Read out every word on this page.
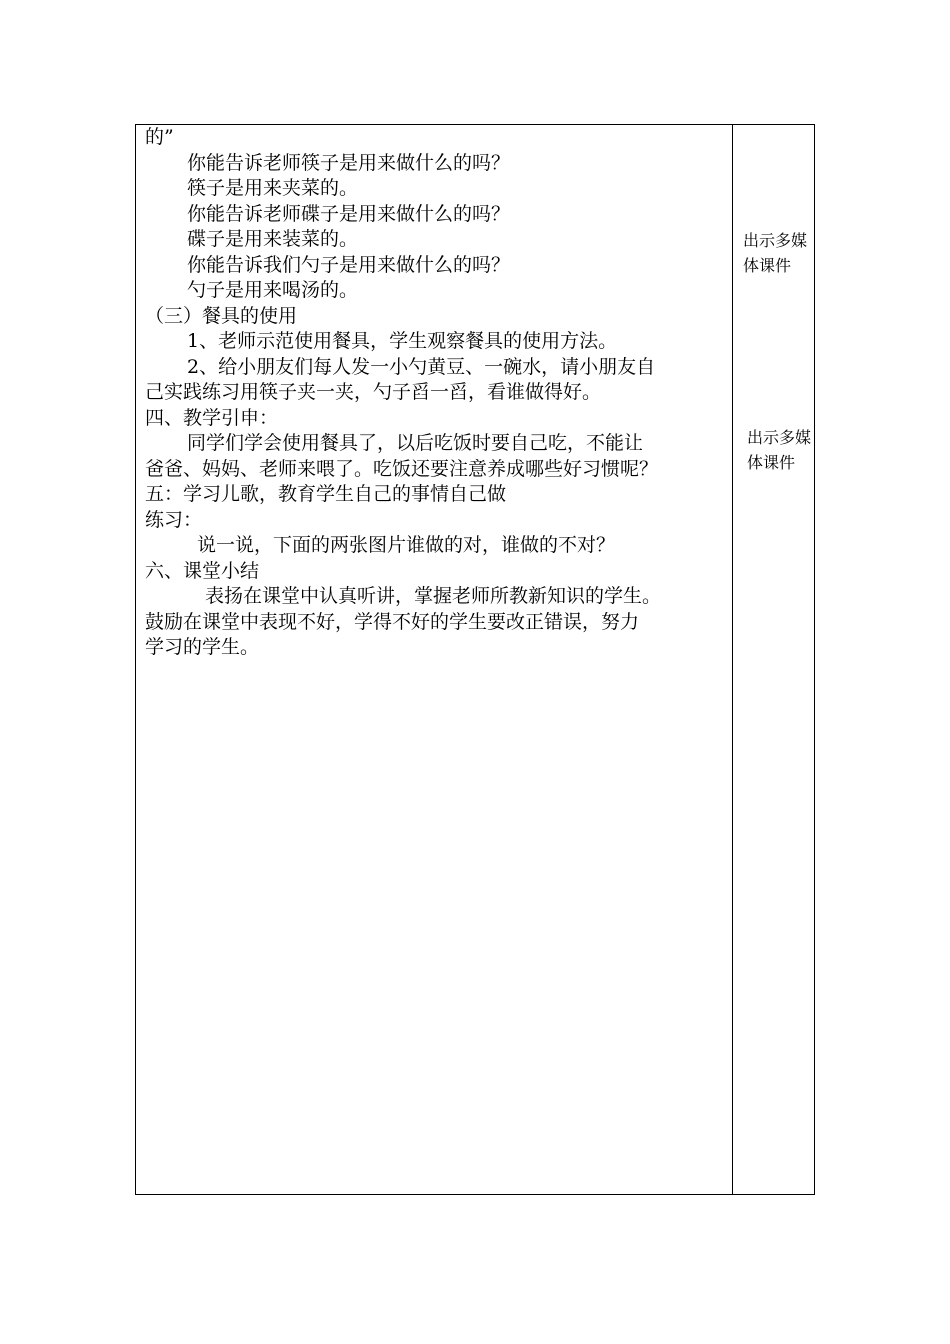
的”
你能告诉老师筷子是用来做什么的吗？
筷子是用来夹菜的。
你能告诉老师碟子是用来做什么的吗？
碟子是用来装菜的。
你能告诉我们勺子是用来做什么的吗？
勺子是用来喝汤的。
（三）餐具的使用
1、老师示范使用餐具，学生观察餐具的使用方法。
2、给小朋友们每人发一小勺黄豆、一碗水，请小朋友自
己实践练习用筷子夹一夹，勺子舀一舀，看谁做得好。
四、教学引申：
同学们学会使用餐具了，以后吃饭时要自己吃，不能让
爸爸、妈妈、老师来喂了。吃饭还要注意养成哪些好习惯呢？
五：学习儿歌，教育学生自己的事情自己做
练习：
说一说，下面的两张图片谁做的对，谁做的不对？
六、课堂小结
表扬在课堂中认真听讲，掌握老师所教新知识的学生。
鼓励在课堂中表现不好，学得不好的学生要改正错误，努力
学习的学生。
出示多媒体课件
出示多媒体课件
